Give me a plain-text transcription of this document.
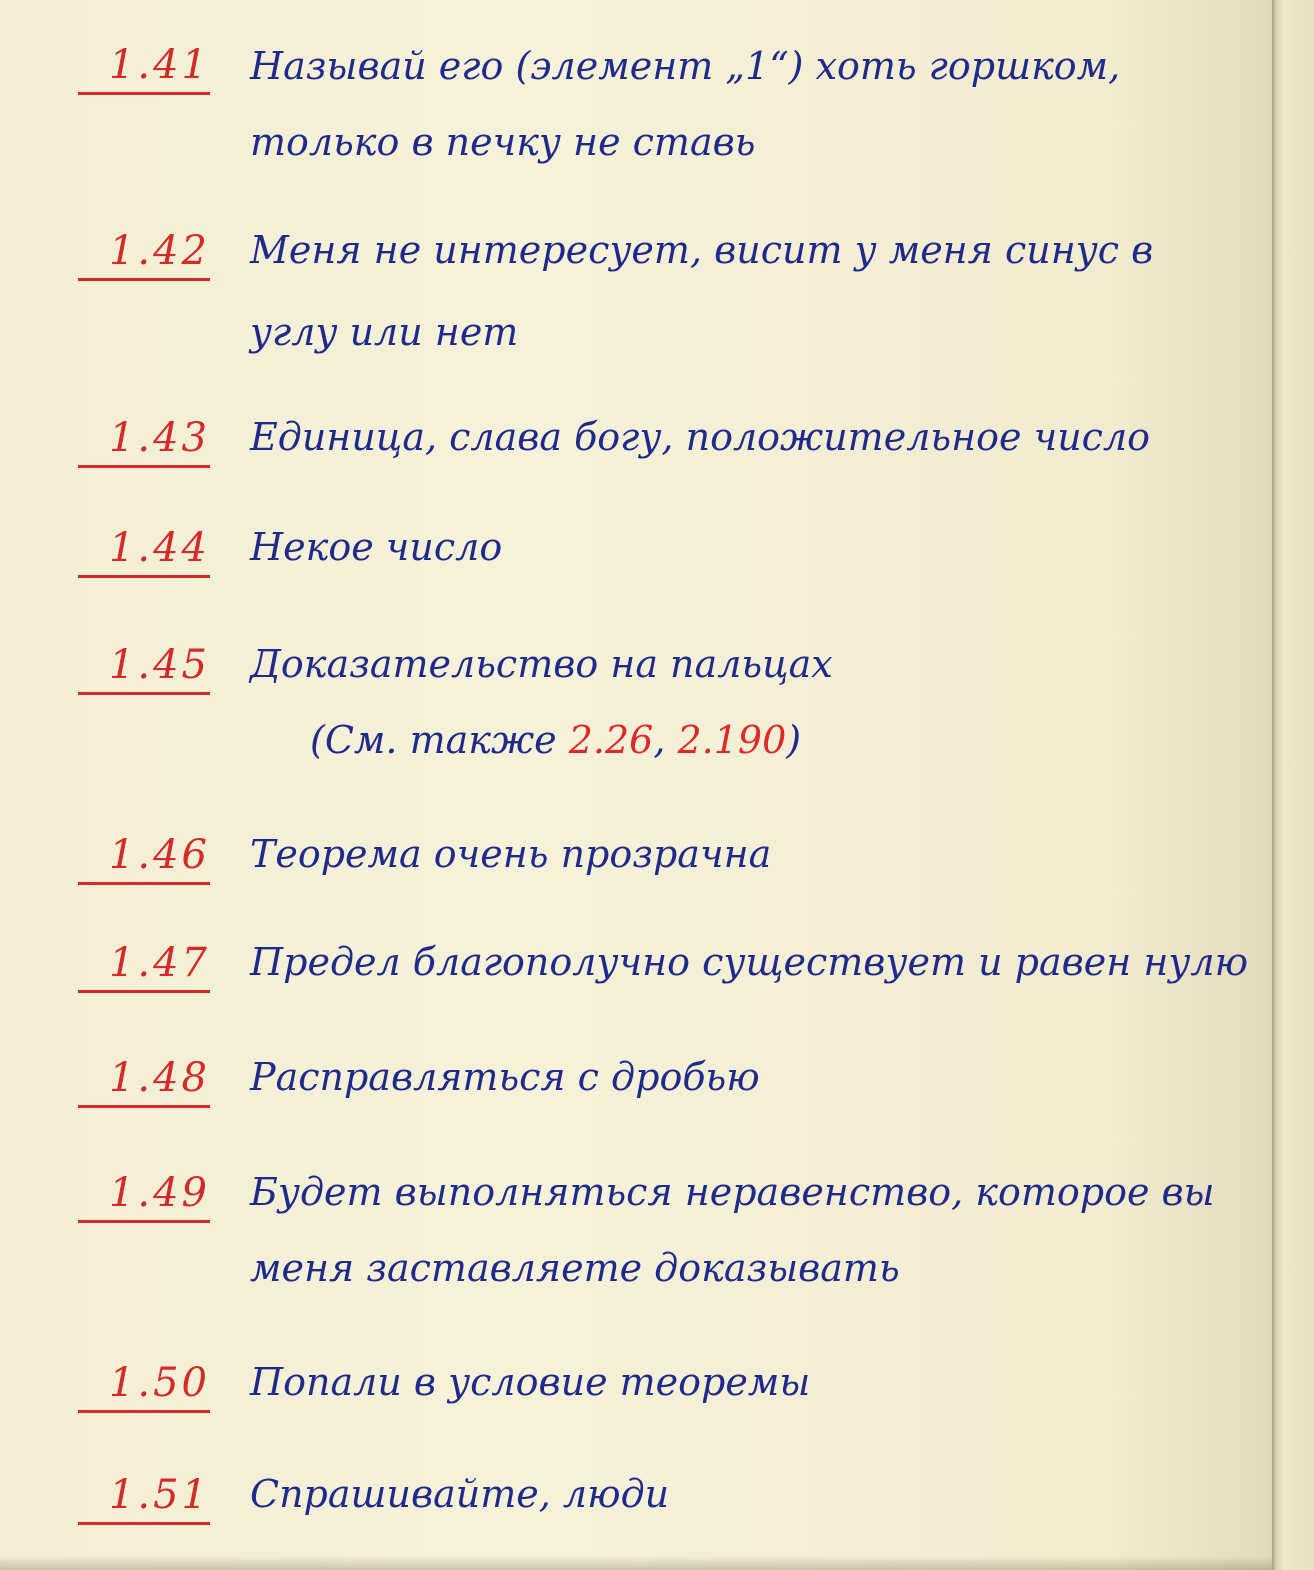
1.41 Называй его (элемент „1“) хоть горшком,
только в печку не ставь
1.42 Меня не интересует, висит у меня синус в
углу или нет
1.43 Единица, слава богу, положительное число
1.44 Некое число
1.45 Доказательство на пальцах
(См. также 2.26, 2.190)
1.46 Теорема очень прозрачна
1.47 Предел благополучно существует и равен нулю
1.48 Расправляться с дробью
1.49 Будет выполняться неравенство, которое вы
меня заставляете доказывать
1.50 Попали в условие теоремы
1.51 Спрашивайте, люди
